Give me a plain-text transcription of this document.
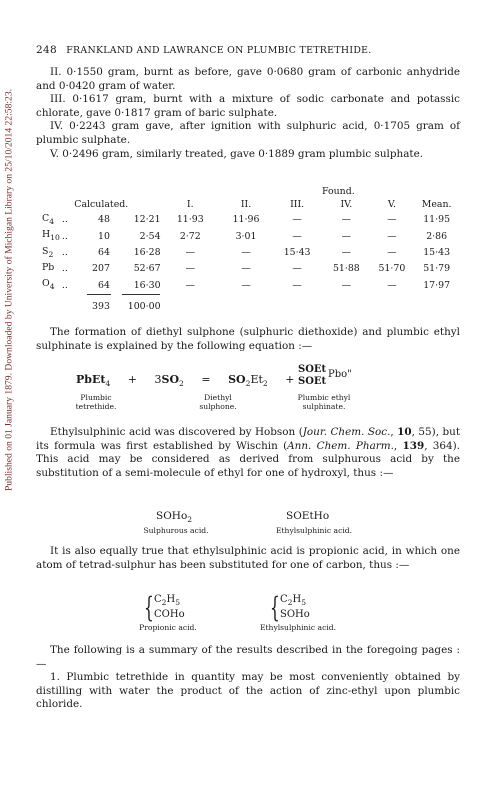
Published on 01 January 1879. Downloaded by University of Michigan Library on 25/10/2014 22:58:23.
248 FRANKLAND AND LAWRANCE ON PLUMBIC TETRETHIDE.

II. 0·1550 gram, burnt as before, gave 0·0680 gram of carbonic anhydride and 0·0420 gram of water.

III. 0·1617 gram, burnt with a mixture of sodic carbonate and potassic chlorate, gave 0·1817 gram of baric sulphate.

IV. 0·2243 gram gave, after ignition with sulphuric acid, 0·1705 gram of plumbic sulphate.

V. 0·2496 gram, similarly treated, gave 0·1889 gram plumbic sulphate.

Found.
Calculated.				I.	II.	III.	IV.	V.	Mean.
$C_4$	..	48	12·21	11·93	11·96	—	—	—	11·95
$H_{10}$	..	10	2·54	2·72	3·01	—	—	—	2·86
$S_2$	..	64	16·28	—	—	15·43	—	—	15·43
Pb	..	207	52·67	—	—	—	51·88	51·70	51·79
$O_4$	..	64	16·30	—	—	—	—	—	17·97

		393	100·00						

The formation of diethyl sulphone (sulphuric diethoxide) and plumbic ethyl sulphinate is explained by the following equation :—

PbEt$_4$ + $3SO_2 = SO_2Et_2$ +
SOEt
SOEt
Pbo"
Plumbic
tetrethide.
Diethyl
sulphone.
Plumbic ethyl
sulphinate.

Ethylsulphinic acid was discovered by Hobson (Jour. Chem. Soc., 10, 55), but its formula was first established by Wischin (Ann. Chem. Pharm., 139, 364). This acid may be considered as derived from sulphurous acid by the substitution of a semi-molecule of ethyl for one of hydroxyl, thus :—

SOHo$_2$
Sulphurous acid.
SOEtHo
Ethylsulphinic acid.

It is also equally true that ethylsulphinic acid is propionic acid, in which one atom of tetrad-sulphur has been substituted for one of carbon, thus :—

{ $C_2H_5$
COHo
Propionic acid.
{ $C_2H_5$
SOHo
Ethylsulphinic acid.

The following is a summary of the results described in the foregoing pages :—

1. Plumbic tetrethide in quantity may be most conveniently obtained by distilling with water the product of the action of zinc-ethyl upon plumbic chloride.
